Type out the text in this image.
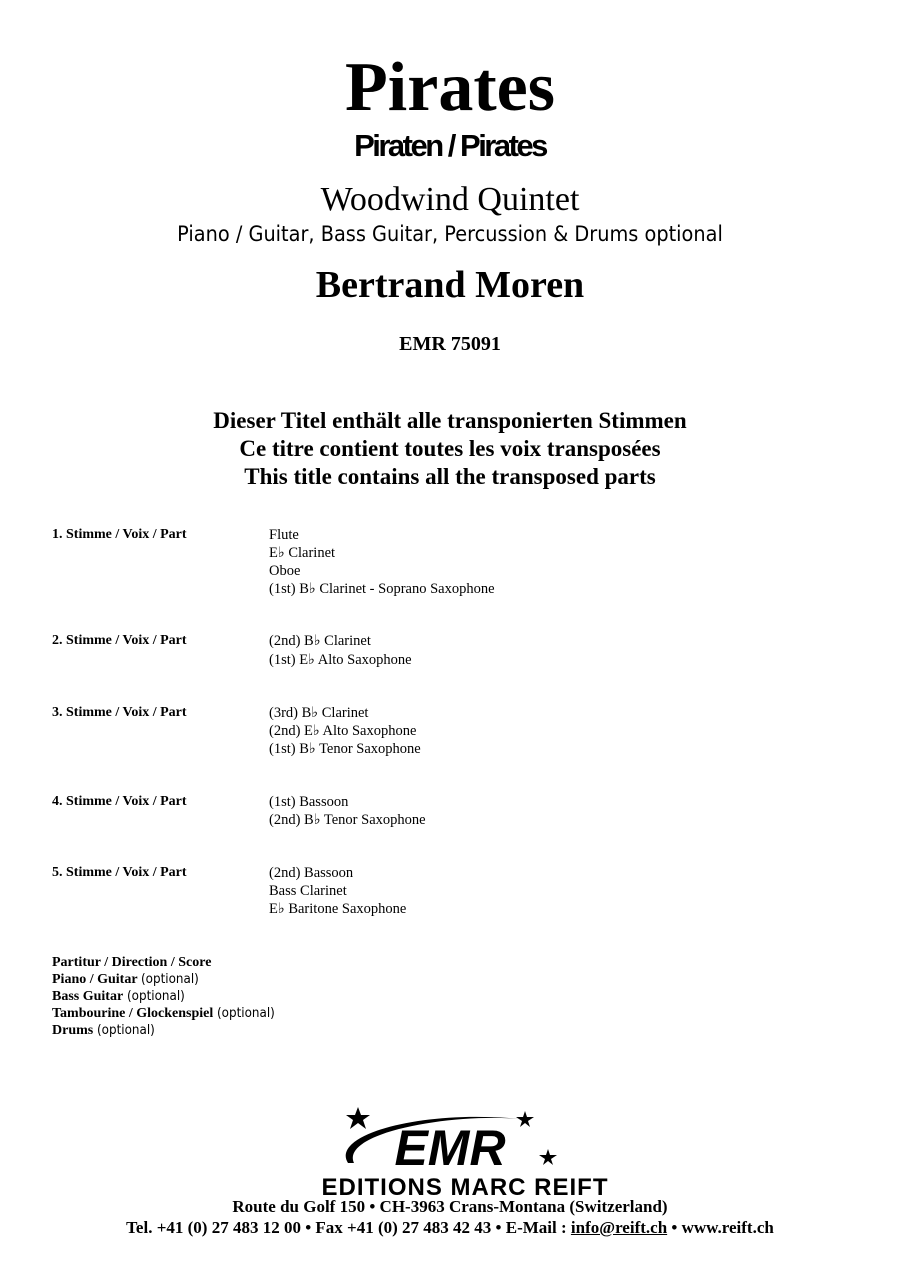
Pirates
Piraten / Pirates
Woodwind Quintet
Piano / Guitar, Bass Guitar, Percussion & Drums optional
Bertrand Moren
EMR 75091
Dieser Titel enthält alle transponierten Stimmen
Ce titre contient toutes les voix transposées
This title contains all the transposed parts
1. Stimme / Voix / Part	Flute
E♭ Clarinet
Oboe
(1st) B♭ Clarinet - Soprano Saxophone
2. Stimme / Voix / Part	(2nd) B♭ Clarinet
(1st) E♭ Alto Saxophone
3. Stimme / Voix / Part	(3rd) B♭ Clarinet
(2nd) E♭ Alto Saxophone
(1st) B♭ Tenor Saxophone
4. Stimme / Voix / Part	(1st) Bassoon
(2nd) B♭ Tenor Saxophone
5. Stimme / Voix / Part	(2nd) Bassoon
Bass Clarinet
E♭ Baritone Saxophone
Partitur / Direction / Score
Piano / Guitar (optional)
Bass Guitar (optional)
Tambourine / Glockenspiel (optional)
Drums (optional)
EMR
EDITIONS MARC REIFT
Route du Golf 150 • CH-3963 Crans-Montana (Switzerland)
Tel. +41 (0) 27 483 12 00 • Fax +41 (0) 27 483 42 43 • E-Mail : info@reift.ch • www.reift.ch
